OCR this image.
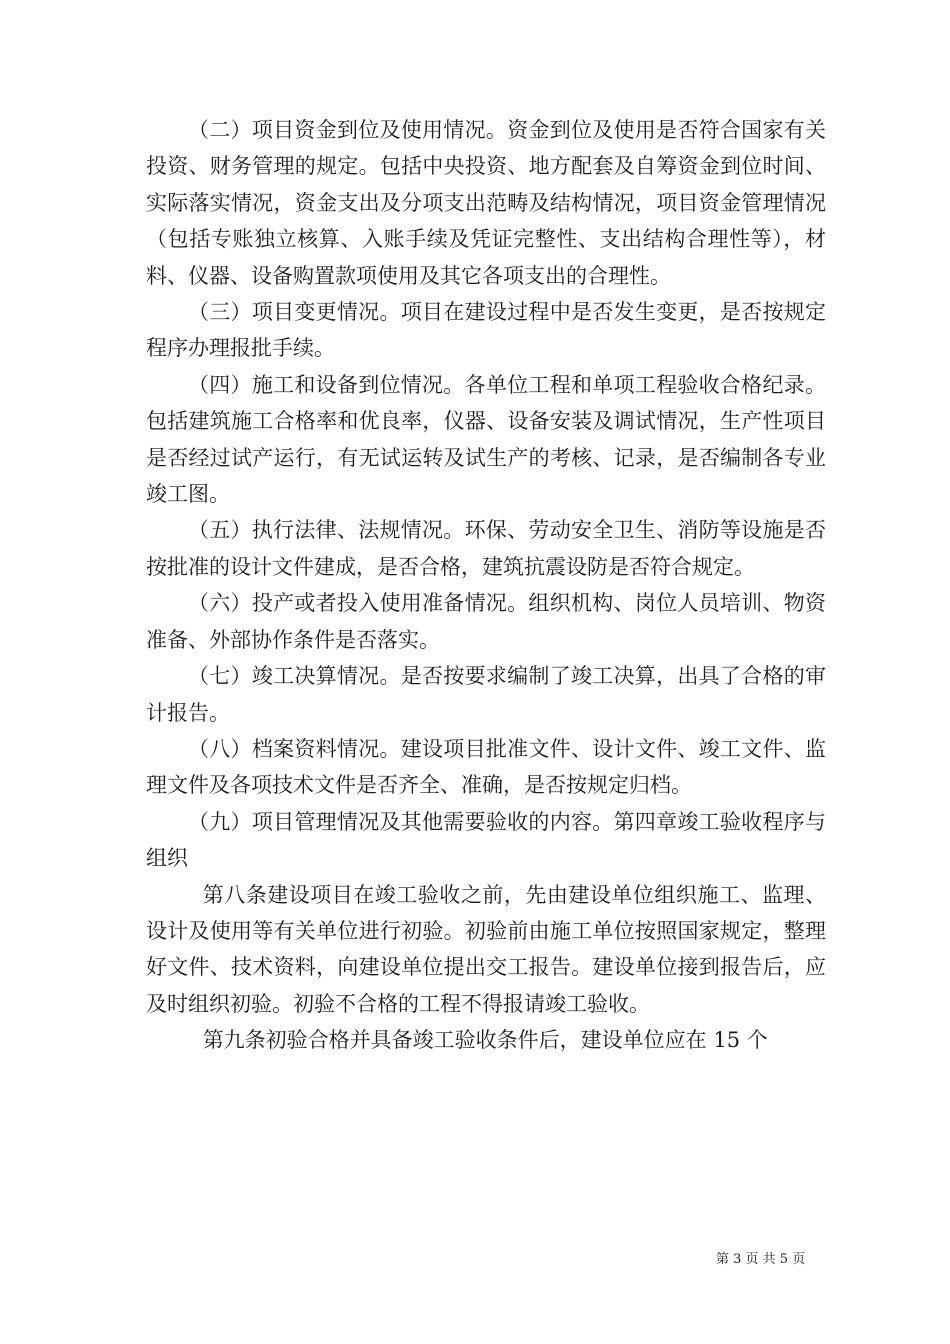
（二）项目资金到位及使用情况。资金到位及使用是否符合国家有关投资、财务管理的规定。包括中央投资、地方配套及自筹资金到位时间、实际落实情况，资金支出及分项支出范畴及结构情况，项目资金管理情况（包括专账独立核算、入账手续及凭证完整性、支出结构合理性等），材料、仪器、设备购置款项使用及其它各项支出的合理性。

（三）项目变更情况。项目在建设过程中是否发生变更，是否按规定程序办理报批手续。

（四）施工和设备到位情况。各单位工程和单项工程验收合格纪录。包括建筑施工合格率和优良率，仪器、设备安装及调试情况，生产性项目是否经过试产运行，有无试运转及试生产的考核、记录，是否编制各专业竣工图。

（五）执行法律、法规情况。环保、劳动安全卫生、消防等设施是否按批准的设计文件建成，是否合格，建筑抗震设防是否符合规定。

（六）投产或者投入使用准备情况。组织机构、岗位人员培训、物资准备、外部协作条件是否落实。

（七）竣工决算情况。是否按要求编制了竣工决算，出具了合格的审计报告。

（八）档案资料情况。建设项目批准文件、设计文件、竣工文件、监理文件及各项技术文件是否齐全、准确，是否按规定归档。

（九）项目管理情况及其他需要验收的内容。第四章竣工验收程序与组织

第八条建设项目在竣工验收之前，先由建设单位组织施工、监理、设计及使用等有关单位进行初验。初验前由施工单位按照国家规定，整理好文件、技术资料，向建设单位提出交工报告。建设单位接到报告后，应及时组织初验。初验不合格的工程不得报请竣工验收。

第九条初验合格并具备竣工验收条件后，建设单位应在 15 个

第 3 页 共 5 页
